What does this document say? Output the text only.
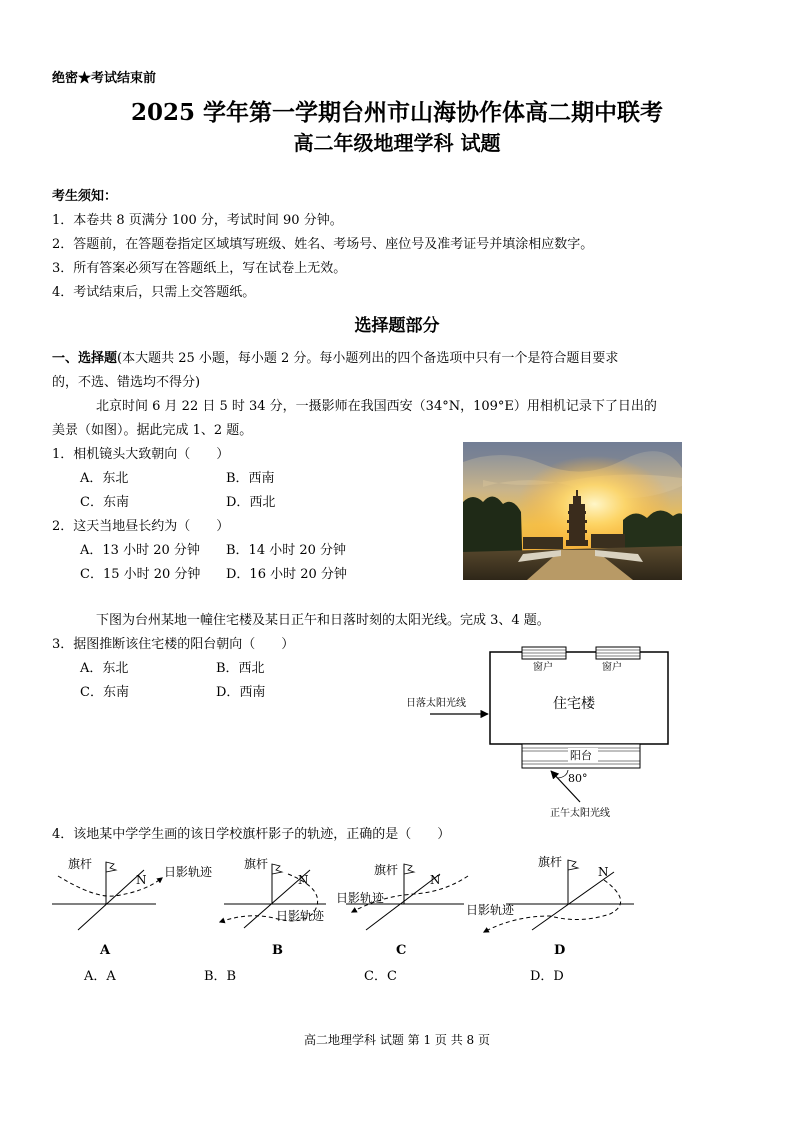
绝密★考试结束前
2025 学年第一学期台州市山海协作体高二期中联考
高二年级地理学科 试题
考生须知：
1．本卷共 8 页满分 100 分，考试时间 90 分钟。
2．答题前，在答题卷指定区域填写班级、姓名、考场号、座位号及准考证号并填涂相应数字。
3．所有答案必须写在答题纸上，写在试卷上无效。
4．考试结束后，只需上交答题纸。
选择题部分
一、选择题(本大题共 25 小题，每小题 2 分。每小题列出的四个备选项中只有一个是符合题目要求
的，不选、错选均不得分)
北京时间 6 月 22 日 5 时 34 分，一摄影师在我国西安（34°N，109°E）用相机记录下了日出的
美景（如图）。据此完成 1、2 题。
1．相机镜头大致朝向（　　）
A．东北	B．西南
C．东南	D．西北
2．这天当地昼长约为（　　）
A．13 小时 20 分钟 B．14 小时 20 分钟
C．15 小时 20 分钟 D．16 小时 20 分钟
下图为台州某地一幢住宅楼及某日正午和日落时刻的太阳光线。完成 3、4 题。
3．据图推断该住宅楼的阳台朝向（　　）
A．东北	B．西北
C．东南	D．西南
窗户	窗户
住宅楼
阳台
日落太阳光线
80°
正午太阳光线
4．该地某中学学生画的该日学校旗杆影子的轨迹，正确的是（　　）
旗杆
N
日影轨迹
A
旗杆
N
日影轨迹
B
旗杆
N
日影轨迹
C
旗杆
N
日影轨迹
D
A．A	B．B	C．C	D．D
高二地理学科 试题 第 1 页 共 8 页
